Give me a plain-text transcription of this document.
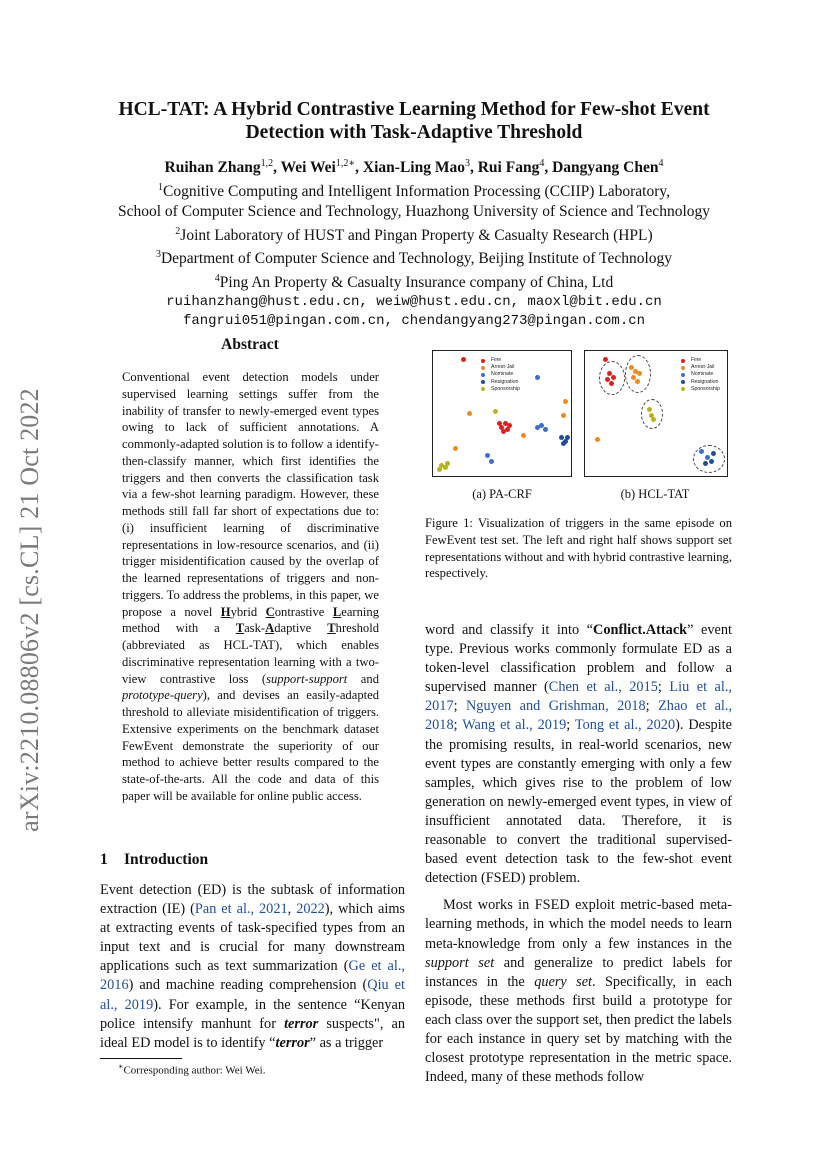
arXiv:2210.08806v2 [cs.CL] 21 Oct 2022
HCL-TAT: A Hybrid Contrastive Learning Method for Few-shot Event
Detection with Task-Adaptive Threshold
Ruihan Zhang$^{1,2}$, Wei Wei$^{1,2∗}$, Xian-Ling Mao$^3$, Rui Fang$^4$, Dangyang Chen$^4$
$^1$Cognitive Computing and Intelligent Information Processing (CCIIP) Laboratory,
School of Computer Science and Technology, Huazhong University of Science and Technology
$^2$Joint Laboratory of HUST and Pingan Property & Casualty Research (HPL)
$^3$Department of Computer Science and Technology, Beijing Institute of Technology
$^4$Ping An Property & Casualty Insurance company of China, Ltd
ruihanzhang@hust.edu.cn, weiw@hust.edu.cn, maoxl@bit.edu.cn
fangrui051@pingan.com.cn, chendangyang273@pingan.com.cn
Abstract
Conventional event detection models under supervised learning settings suffer from the inability of transfer to newly-emerged event types owing to lack of sufficient annotations. A commonly-adapted solution is to follow a identify-then-classify manner, which first identifies the triggers and then converts the classification task via a few-shot learning paradigm. However, these methods still fall far short of expectations due to: (i) insufficient learning of discriminative representations in low-resource scenarios, and (ii) trigger misidentification caused by the overlap of the learned representations of triggers and non-triggers. To address the problems, in this paper, we propose a novel Hybrid Contrastive Learning method with a Task-Adaptive Threshold (abbreviated as HCL-TAT), which enables discriminative representation learning with a two-view contrastive loss (support-support and prototype-query), and devises an easily-adapted threshold to alleviate misidentification of triggers. Extensive experiments on the benchmark dataset FewEvent demonstrate the superiority of our method to achieve better results compared to the state-of-the-arts. All the code and data of this paper will be available for online public access.
1 Introduction
Event detection (ED) is the subtask of information extraction (IE) (Pan et al., 2021, 2022), which aims at extracting events of task-specified types from an input text and is crucial for many downstream applications such as text summarization (Ge et al., 2016) and machine reading comprehension (Qiu et al., 2019). For example, in the sentence “Kenyan police intensify manhunt for terror suspects", an ideal ED model is to identify “terror” as a trigger
∗Corresponding author: Wei Wei.
Fine
Arrest-Jail
Nominate
Resignation
Sponsorship
Fine
Arrest-Jail
Nominate
Resignation
Sponsorship
(a) PA-CRF	(b) HCL-TAT
Figure 1: Visualization of triggers in the same episode on FewEvent test set. The left and right half shows support set representations without and with hybrid contrastive learning, respectively.

word and classify it into “Conflict.Attack” event type. Previous works commonly formulate ED as a token-level classification problem and follow a supervised manner (Chen et al., 2015; Liu et al., 2017; Nguyen and Grishman, 2018; Zhao et al., 2018; Wang et al., 2019; Tong et al., 2020). Despite the promising results, in real-world scenarios, new event types are constantly emerging with only a few samples, which gives rise to the problem of low generation on newly-emerged event types, in view of insufficient annotated data. Therefore, it is reasonable to convert the traditional supervised-based event detection task to the few-shot event detection (FSED) problem.

Most works in FSED exploit metric-based meta-learning methods, in which the model needs to learn meta-knowledge from only a few instances in the support set and generalize to predict labels for instances in the query set. Specifically, in each episode, these methods first build a prototype for each class over the support set, then predict the labels for each instance in query set by matching with the closest prototype representation in the metric space. Indeed, many of these methods follow
